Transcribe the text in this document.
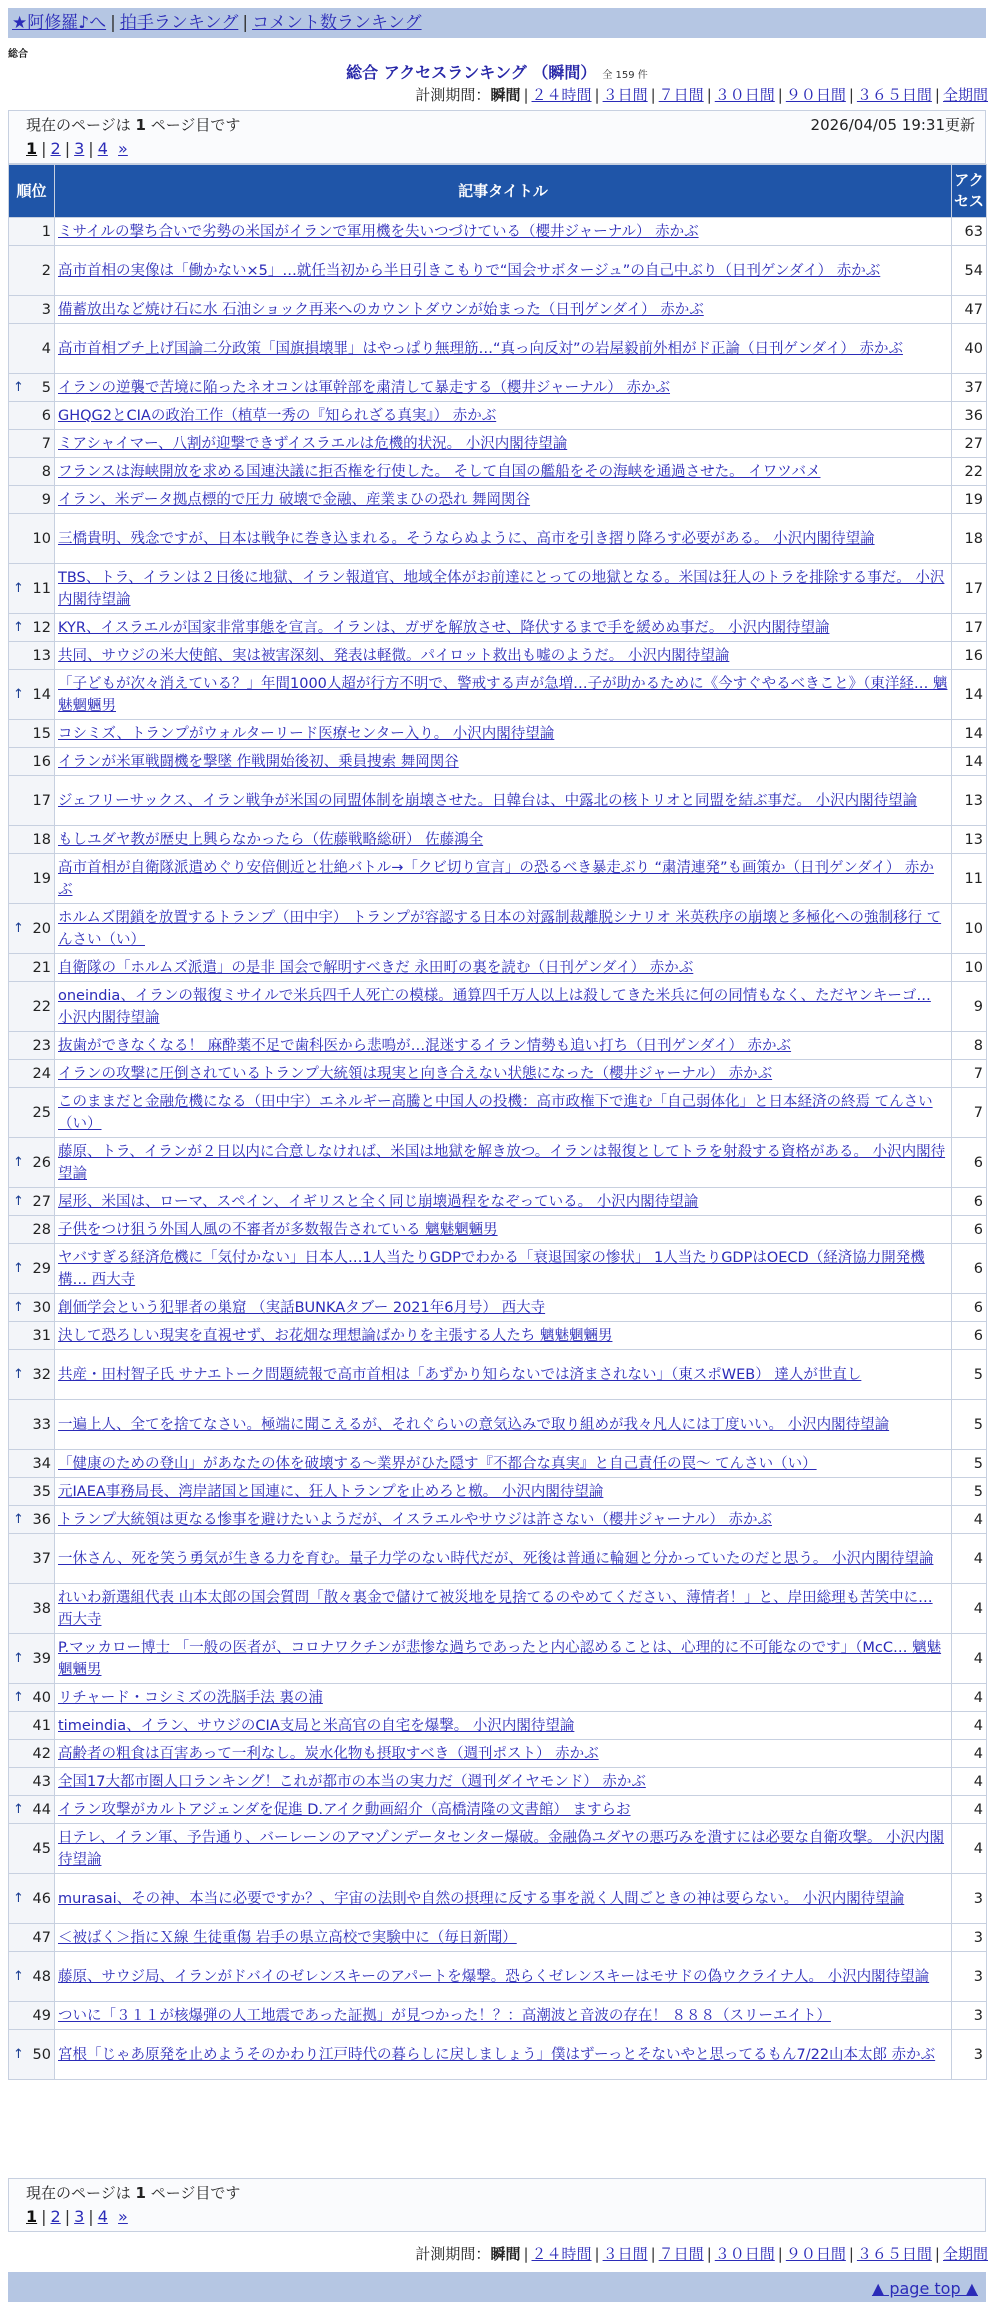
★阿修羅♪へ | 拍手ランキング | コメント数ランキング
総合
総合 アクセスランキング （瞬間） 全 159 件
計測期間：瞬間 | ２４時間 | ３日間 | ７日間 | ３０日間 | ９０日間 | ３６５日間 | 全期間
現在のページは 1 ページ目です	2026/04/05 19:31更新
1 | 2 | 3 | 4 »
順位	記事タイトル	アクセス
1	ミサイルの撃ち合いで劣勢の米国がイランで軍用機を失いつづけている（櫻井ジャーナル） 赤かぶ	63
2	高市首相の実像は「働かない×5」…就任当初から半日引きこもりで“国会サボタージュ”の自己中ぶり（日刊ゲンダイ） 赤かぶ	54
3	備蓄放出など焼け石に水 石油ショック再来へのカウントダウンが始まった（日刊ゲンダイ） 赤かぶ	47
4	高市首相ブチ上げ国論二分政策「国旗損壊罪」はやっぱり無理筋…“真っ向反対”の岩屋毅前外相がド正論（日刊ゲンダイ） 赤かぶ	40

↑ 5	イランの逆襲で苦境に陥ったネオコンは軍幹部を粛清して暴走する（櫻井ジャーナル） 赤かぶ	37
6	GHQG2とCIAの政治工作（植草一秀の『知られざる真実』） 赤かぶ	36
7	ミアシャイマー、八割が迎撃できずイスラエルは危機的状況。 小沢内閣待望論	27
8	フランスは海峡開放を求める国連決議に拒否権を行使した。 そして自国の艦船をその海峡を通過させた。 イワツバメ	22
9	イラン、米データ拠点標的で圧力 破壊で金融、産業まひの恐れ 舞岡関谷	19
10	三橋貴明、残念ですが、日本は戦争に巻き込まれる。そうならぬように、高市を引き摺り降ろす必要がある。 小沢内閣待望論	18

↑ 11	TBS、トラ、イランは２日後に地獄、イラン報道官、地域全体がお前達にとっての地獄となる。米国は狂人のトラを排除する事だ。 小沢内閣待望論	17

↑ 12	KYR、イスラエルが国家非常事態を宣言。イランは、ガザを解放させ、降伏するまで手を緩めぬ事だ。 小沢内閣待望論	17
13	共同、サウジの米大使館、実は被害深刻、発表は軽微。パイロット救出も嘘のようだ。 小沢内閣待望論	16

↑ 14	「子どもが次々消えている？」年間1000人超が行方不明で、警戒する声が急増…子が助かるために《今すぐやるべきこと》（東洋経… 魑魅魍魎男	14
15	コシミズ、トランプがウォルターリード医療センター入り。 小沢内閣待望論	14
16	イランが米軍戦闘機を撃墜 作戦開始後初、乗員捜索 舞岡関谷	14
17	ジェフリーサックス、イラン戦争が米国の同盟体制を崩壊させた。日韓台は、中露北の核トリオと同盟を結ぶ事だ。 小沢内閣待望論	13
18	もしユダヤ教が歴史上興らなかったら（佐藤戦略総研） 佐藤鴻全	13
19	高市首相が自衛隊派遣めぐり安倍側近と壮絶バトル→「クビ切り宣言」の恐るべき暴走ぶり “粛清連発”も画策か（日刊ゲンダイ） 赤かぶ	11

↑ 20	ホルムズ閉鎖を放置するトランプ（田中宇） トランプが容認する日本の対露制裁離脱シナリオ 米英秩序の崩壊と多極化への強制移行 てんさい（い）	10
21	自衛隊の「ホルムズ派遣」の是非 国会で解明すべきだ 永田町の裏を読む（日刊ゲンダイ） 赤かぶ	10
22	oneindia、イランの報復ミサイルで米兵四千人死亡の模様。通算四千万人以上は殺してきた米兵に何の同情もなく、ただヤンキーゴ… 小沢内閣待望論	9
23	抜歯ができなくなる！ 麻酔薬不足で歯科医から悲鳴が…混迷するイラン情勢も追い打ち（日刊ゲンダイ） 赤かぶ	8
24	イランの攻撃に圧倒されているトランプ大統領は現実と向き合えない状態になった（櫻井ジャーナル） 赤かぶ	7
25	このままだと金融危機になる（田中宇）エネルギー高騰と中国人の投機：高市政権下で進む「自己弱体化」と日本経済の終焉 てんさい（い）	7

↑ 26	藤原、トラ、イランが２日以内に合意しなければ、米国は地獄を解き放つ。イランは報復としてトラを射殺する資格がある。 小沢内閣待望論	6

↑ 27	屋形、米国は、ローマ、スペイン、イギリスと全く同じ崩壊過程をなぞっている。 小沢内閣待望論	6
28	子供をつけ狙う外国人風の不審者が多数報告されている 魑魅魍魎男	6

↑ 29	ヤバすぎる経済危機に「気付かない」日本人…1人当たりGDPでわかる「衰退国家の惨状」 1人当たりGDPはOECD（経済協力開発機構… 西大寺	6

↑ 30	創価学会という犯罪者の巣窟 （実話BUNKAタブー 2021年6月号） 西大寺	6
31	決して恐ろしい現実を直視せず、お花畑な理想論ばかりを主張する人たち 魑魅魍魎男	6

↑ 32	共産・田村智子氏 サナエトーク問題続報で高市首相は「あずかり知らないでは済まされない」（東スポWEB） 達人が世直し	5
33	一遍上人、全てを捨てなさい。極端に聞こえるが、それぐらいの意気込みで取り組めが我々凡人には丁度いい。 小沢内閣待望論	5
34	「健康のための登山」があなたの体を破壊する～業界がひた隠す『不都合な真実』と自己責任の罠～ てんさい（い）	5
35	元IAEA事務局長、湾岸諸国と国連に、狂人トランプを止めろと檄。 小沢内閣待望論	5

↑ 36	トランプ大統領は更なる惨事を避けたいようだが、イスラエルやサウジは許さない（櫻井ジャーナル） 赤かぶ	4
37	一休さん、死を笑う勇気が生きる力を育む。量子力学のない時代だが、死後は普通に輪廻と分かっていたのだと思う。 小沢内閣待望論	4
38	れいわ新選組代表 山本太郎の国会質問「散々裏金で儲けて被災地を見捨てるのやめてください、薄情者！」と、岸田総理も苦笑中に… 西大寺	4

↑ 39	P.マッカロー博士 「一般の医者が、コロナワクチンが悲惨な過ちであったと内心認めることは、心理的に不可能なのです」（McC… 魑魅魍魎男	4

↑ 40	リチャード・コシミズの洗脳手法 裏の浦	4
41	timeindia、イラン、サウジのCIA支局と米高官の自宅を爆撃。 小沢内閣待望論	4
42	高齢者の粗食は百害あって一利なし。炭水化物も摂取すべき（週刊ポスト） 赤かぶ	4
43	全国17大都市圏人口ランキング！これが都市の本当の実力だ（週刊ダイヤモンド） 赤かぶ	4

↑ 44	イラン攻撃がカルトアジェンダを促進 D.アイク動画紹介（高橋清隆の文書館） ますらお	4
45	日テレ、イラン軍、予告通り、バーレーンのアマゾンデータセンター爆破。金融偽ユダヤの悪巧みを潰すには必要な自衛攻撃。 小沢内閣待望論	4

↑ 46	murasai、その神、本当に必要ですか？、宇宙の法則や自然の摂理に反する事を説く人間ごときの神は要らない。 小沢内閣待望論	3
47	＜被ばく＞指にＸ線 生徒重傷 岩手の県立高校で実験中に（毎日新聞）	3

↑ 48	藤原、サウジ局、イランがドバイのゼレンスキーのアパートを爆撃。恐らくゼレンスキーはモサドの偽ウクライナ人。 小沢内閣待望論	3
49	ついに「３１１が核爆弾の人工地震であった証拠」が見つかった！？：高潮波と音波の存在！ ８８８（スリーエイト）	3

↑ 50	宮根「じゃあ原発を止めようそのかわり江戸時代の暮らしに戻しましょう」僕はずーっとそないやと思ってるもん7/22山本太郎 赤かぶ	3
現在のページは 1 ページ目です
1 | 2 | 3 | 4 »
計測期間：瞬間 | ２４時間 | ３日間 | ７日間 | ３０日間 | ９０日間 | ３６５日間 | 全期間
▲ page top ▲
